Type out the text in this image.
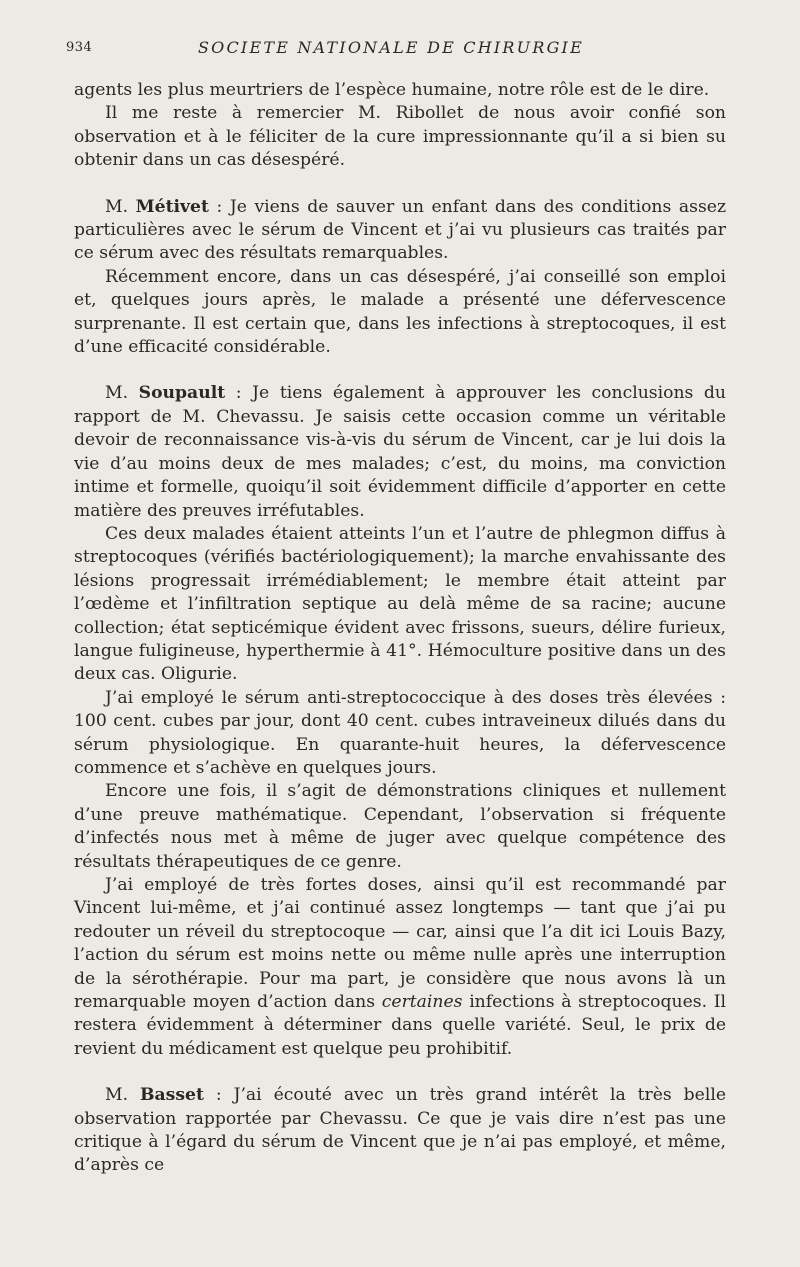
934	SOCIETE NATIONALE DE CHIRURGIE

agents les plus meurtriers de l’espèce humaine, notre rôle est de le dire.

Il me reste à remercier M. Ribollet de nous avoir confié son observation et à le féliciter de la cure impressionnante qu’il a si bien su obtenir dans un cas désespéré.

M. Métivet : Je viens de sauver un enfant dans des conditions assez particulières avec le sérum de Vincent et j’ai vu plusieurs cas traités par ce sérum avec des résultats remarquables.

Récemment encore, dans un cas désespéré, j’ai conseillé son emploi et, quelques jours après, le malade a présenté une défervescence surprenante. Il est certain que, dans les infections à streptocoques, il est d’une efficacité considérable.

M. Soupault : Je tiens également à approuver les conclusions du rapport de M. Chevassu. Je saisis cette occasion comme un véritable devoir de reconnaissance vis-à-vis du sérum de Vincent, car je lui dois la vie d’au moins deux de mes malades; c’est, du moins, ma conviction intime et formelle, quoiqu’il soit évidemment difficile d’apporter en cette matière des preuves irréfutables.

Ces deux malades étaient atteints l’un et l’autre de phlegmon diffus à streptocoques (vérifiés bactériologiquement); la marche envahissante des lésions progressait irrémédiablement; le membre était atteint par l’œdème et l’infiltration septique au delà même de sa racine; aucune collection; état septicémique évident avec frissons, sueurs, délire furieux, langue fuligineuse, hyperthermie à 41°. Hémoculture positive dans un des deux cas. Oligurie.

J’ai employé le sérum anti-streptococcique à des doses très élevées : 100 cent. cubes par jour, dont 40 cent. cubes intraveineux dilués dans du sérum physiologique. En quarante-huit heures, la défervescence commence et s’achève en quelques jours.

Encore une fois, il s’agit de démonstrations cliniques et nullement d’une preuve mathématique. Cependant, l’observation si fréquente d’infectés nous met à même de juger avec quelque compétence des résultats thérapeutiques de ce genre.

J’ai employé de très fortes doses, ainsi qu’il est recommandé par Vincent lui-même, et j’ai continué assez longtemps — tant que j’ai pu redouter un réveil du streptocoque — car, ainsi que l’a dit ici Louis Bazy, l’action du sérum est moins nette ou même nulle après une interruption de la sérothérapie. Pour ma part, je considère que nous avons là un remarquable moyen d’action dans certaines infections à streptocoques. Il restera évidemment à déterminer dans quelle variété. Seul, le prix de revient du médicament est quelque peu prohibitif.

M. Basset : J’ai écouté avec un très grand intérêt la très belle observation rapportée par Chevassu. Ce que je vais dire n’est pas une critique à l’égard du sérum de Vincent que je n’ai pas employé, et même, d’après ce
